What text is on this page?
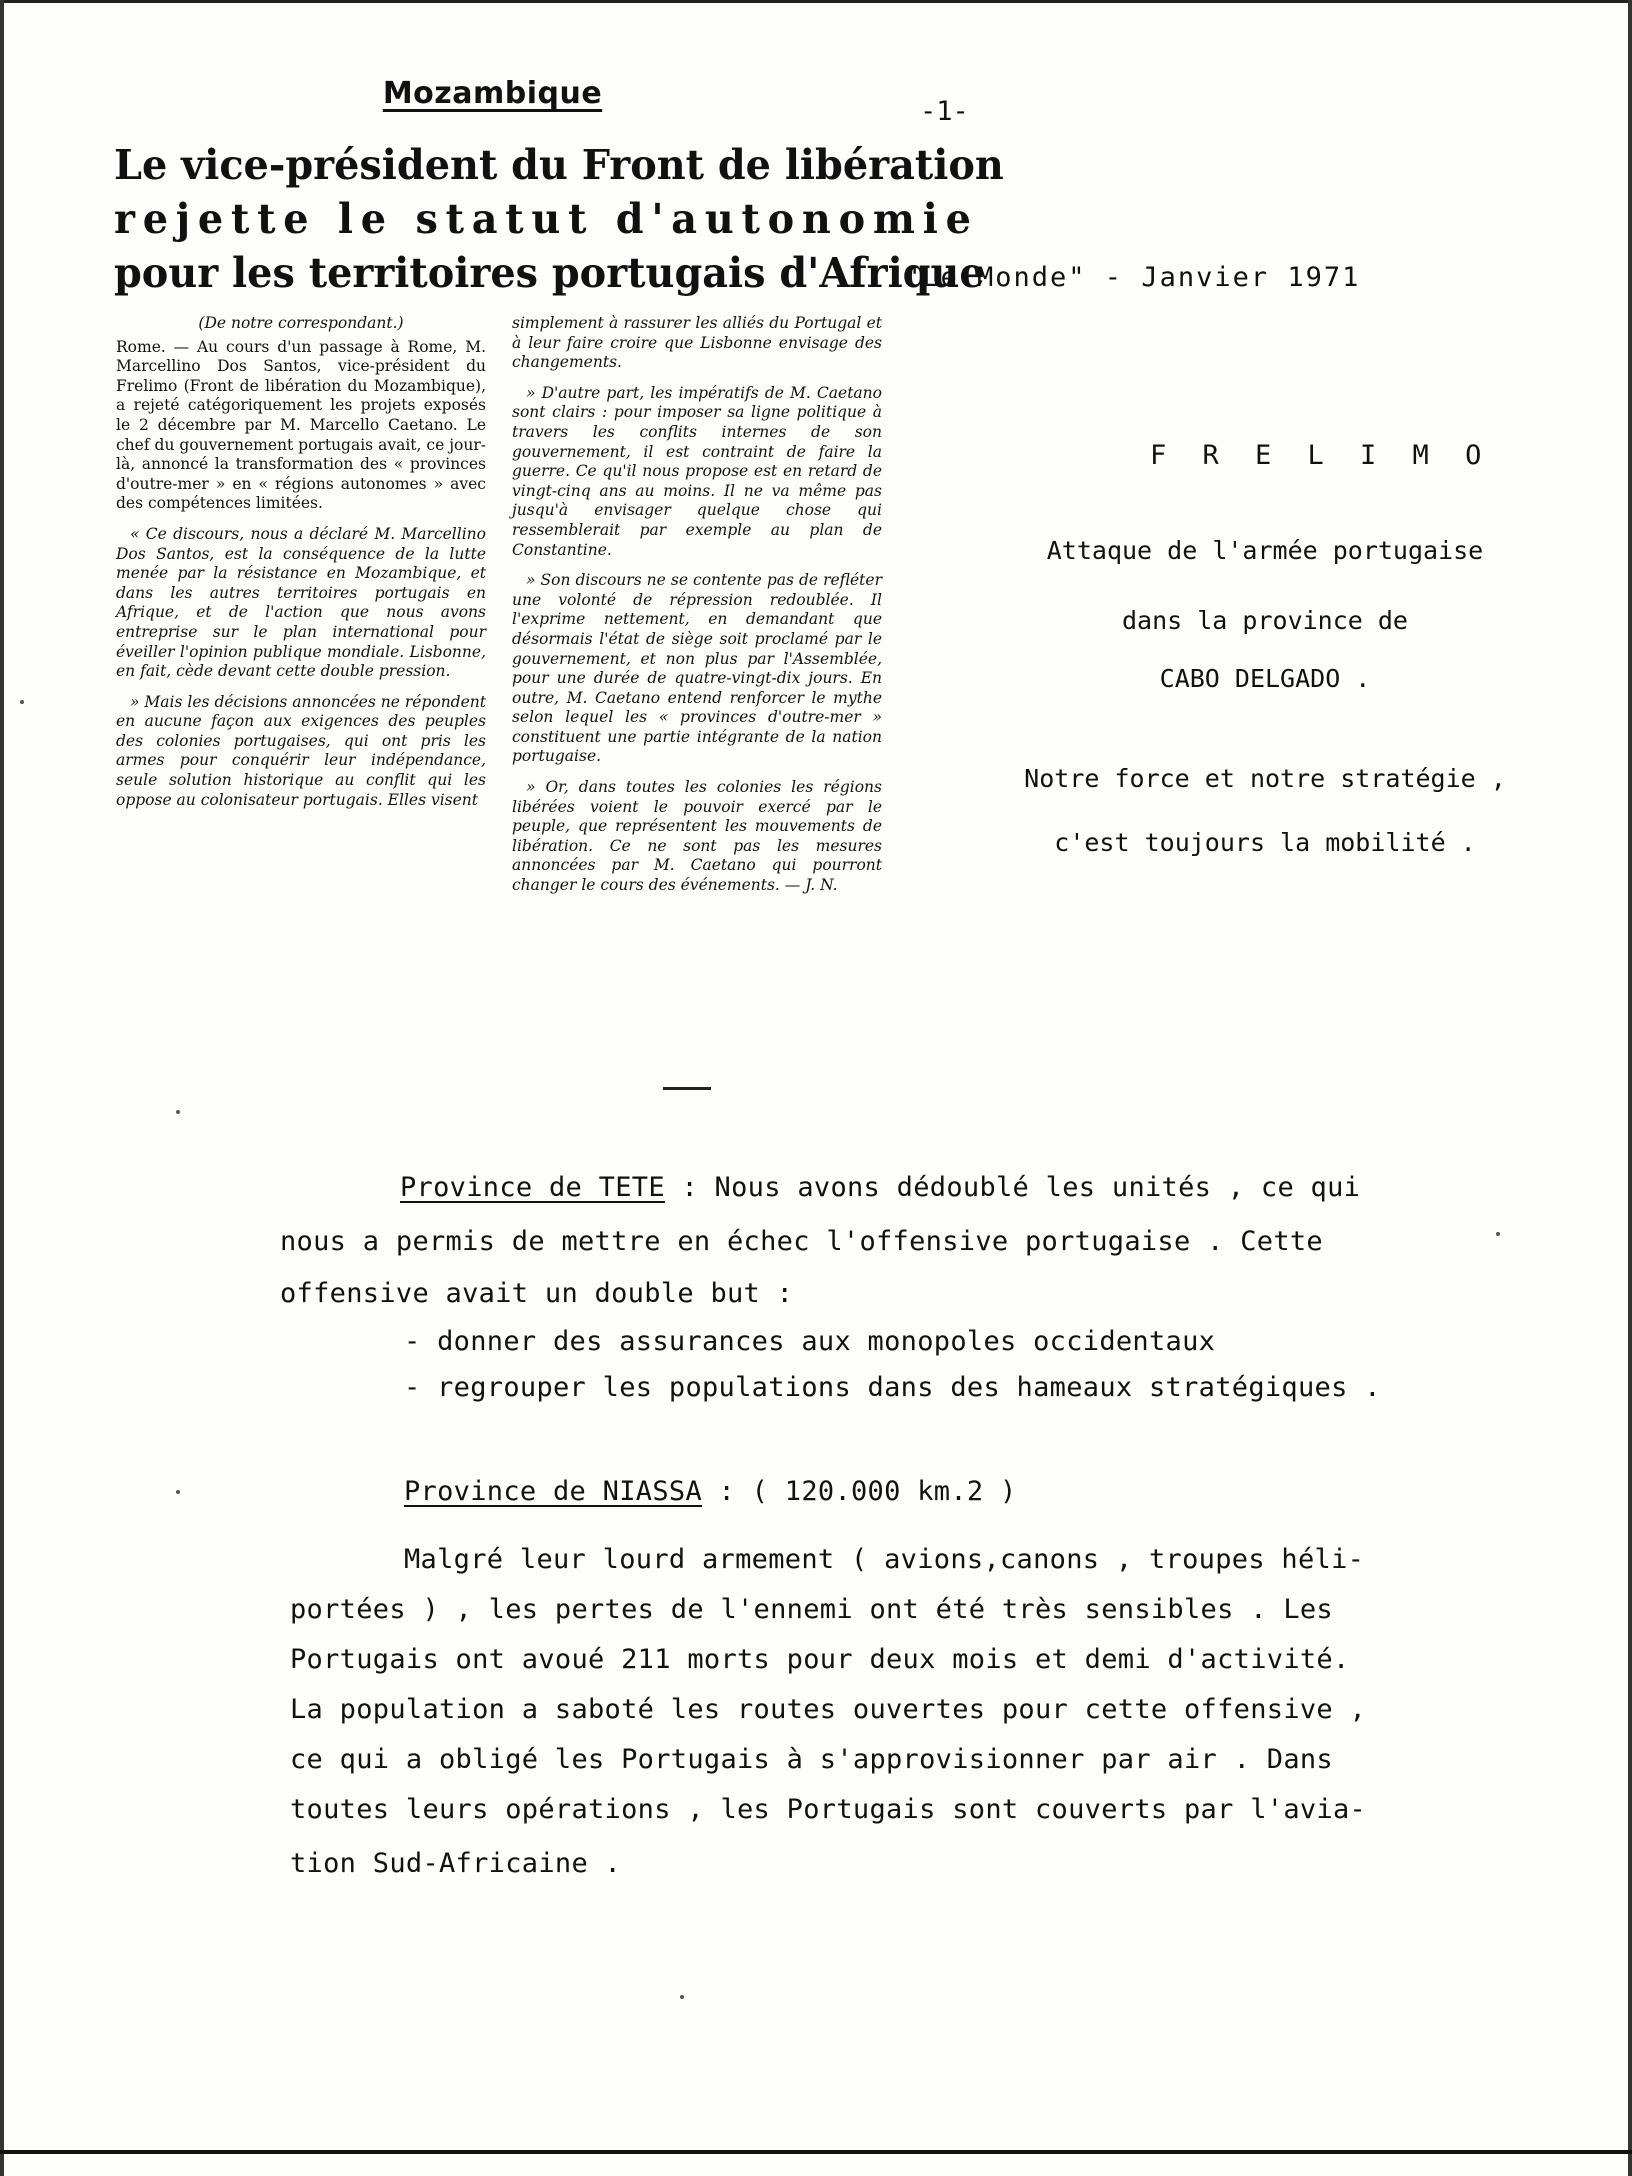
Mozambique
Le vice-président du Front de libération
rejette le statut d'autonomie
pour les territoires portugais d'Afrique

(De notre correspondant.)

Rome. — Au cours d'un passage à Rome, M. Marcellino Dos Santos, vice-président du Frelimo (Front de libération du Mozambique), a rejeté catégoriquement les projets exposés le 2 décembre par M. Marcello Caetano. Le chef du gouvernement portugais avait, ce jour-là, annoncé la transformation des « provinces d'outre-mer » en « régions autonomes » avec des compétences limitées.

« Ce discours, nous a déclaré M. Marcellino Dos Santos, est la conséquence de la lutte menée par la résistance en Mozambique, et dans les autres territoires portugais en Afrique, et de l'action que nous avons entreprise sur le plan international pour éveiller l'opinion publique mondiale. Lisbonne, en fait, cède devant cette double pression.

» Mais les décisions annoncées ne répondent en aucune façon aux exigences des peuples des colonies portugaises, qui ont pris les armes pour conquérir leur indépendance, seule solution historique au conflit qui les oppose au colonisateur portugais. Elles visent

simplement à rassurer les alliés du Portugal et à leur faire croire que Lisbonne envisage des changements.

» D'autre part, les impératifs de M. Caetano sont clairs : pour imposer sa ligne politique à travers les conflits internes de son gouvernement, il est contraint de faire la guerre. Ce qu'il nous propose est en retard de vingt-cinq ans au moins. Il ne va même pas jusqu'à envisager quelque chose qui ressemblerait par exemple au plan de Constantine.

» Son discours ne se contente pas de refléter une volonté de répression redoublée. Il l'exprime nettement, en demandant que désormais l'état de siège soit proclamé par le gouvernement, et non plus par l'Assemblée, pour une durée de quatre-vingt-dix jours. En outre, M. Caetano entend renforcer le mythe selon lequel les « provinces d'outre-mer » constituent une partie intégrante de la nation portugaise.

» Or, dans toutes les colonies les régions libérées voient le pouvoir exercé par le peuple, que représentent les mouvements de libération. Ce ne sont pas les mesures annoncées par M. Caetano qui pourront changer le cours des événements. — J. N.

-1-
"Le Monde" - Janvier 1971
F R E L I M O
Attaque de l'armée portugaise
dans la province de
CABO DELGADO .
Notre force et notre stratégie ,
c'est toujours la mobilité .
Province de TETE : Nous avons dédoublé les unités , ce qui
nous a permis de mettre en échec l'offensive portugaise . Cette
offensive avait un double but :
- donner des assurances aux monopoles occidentaux
- regrouper les populations dans des hameaux stratégiques .
Province de NIASSA : ( 120.000 km.2 )
Malgré leur lourd armement ( avions,canons , troupes héli-
portées ) , les pertes de l'ennemi ont été très sensibles . Les
Portugais ont avoué 211 morts pour deux mois et demi d'activité.
La population a saboté les routes ouvertes pour cette offensive ,
ce qui a obligé les Portugais à s'approvisionner par air . Dans
toutes leurs opérations , les Portugais sont couverts par l'avia-
tion Sud-Africaine .
